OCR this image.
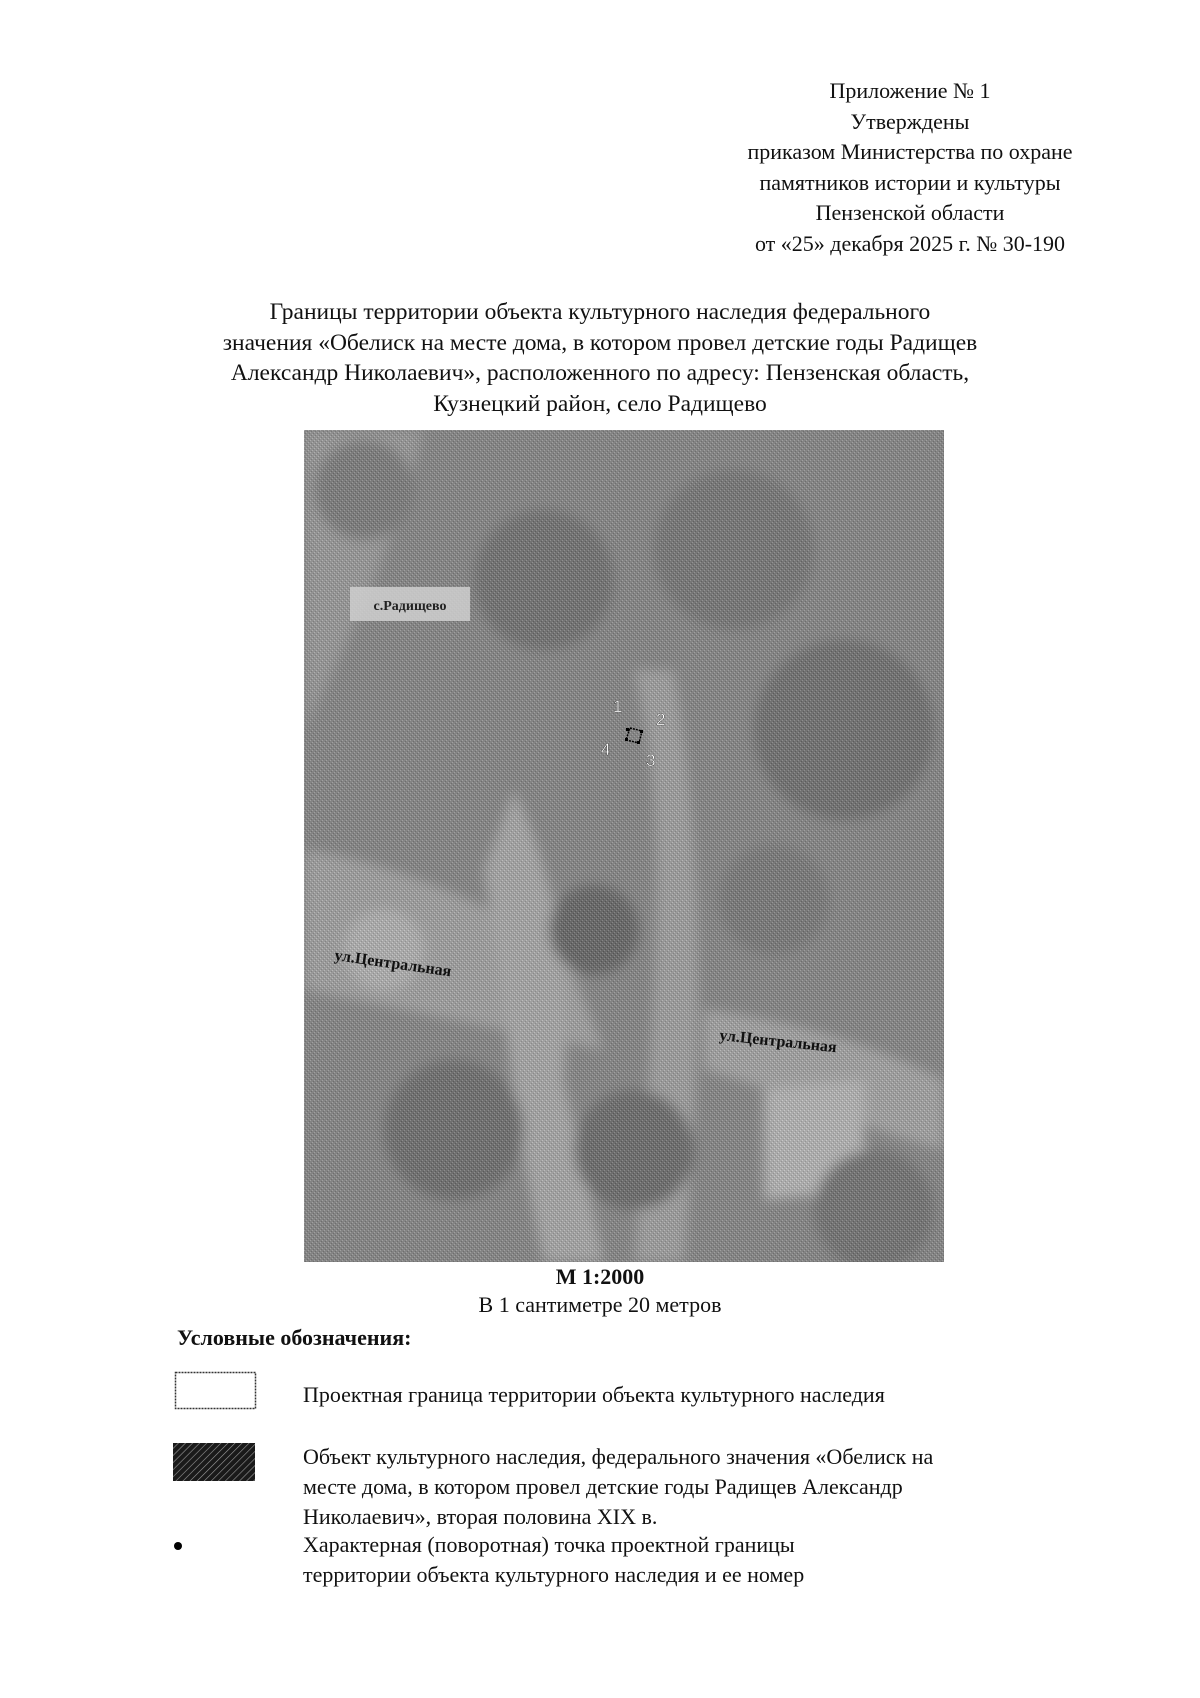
Приложение № 1
Утверждены
приказом Министерства по охране
памятников истории и культуры
Пензенской области
от «25» декабря 2025 г. № 30-190
Границы территории объекта культурного наследия федерального
значения «Обелиск на месте дома, в котором провел детские годы Радищев
Александр Николаевич», расположенного по адресу: Пензенская область,
Кузнецкий район, село Радищево
с.Радищево
ул.Центральная
ул.Центральная
1
2
3
4
М 1:2000
В 1 сантиметре 20 метров
Условные обозначения:
Проектная граница территории объекта культурного наследия
Объект культурного наследия, федерального значения «Обелиск на
месте дома, в котором провел детские годы Радищев Александр
Николаевич», вторая половина XIX в.
Характерная (поворотная) точка проектной границы
территории объекта культурного наследия и ее номер
